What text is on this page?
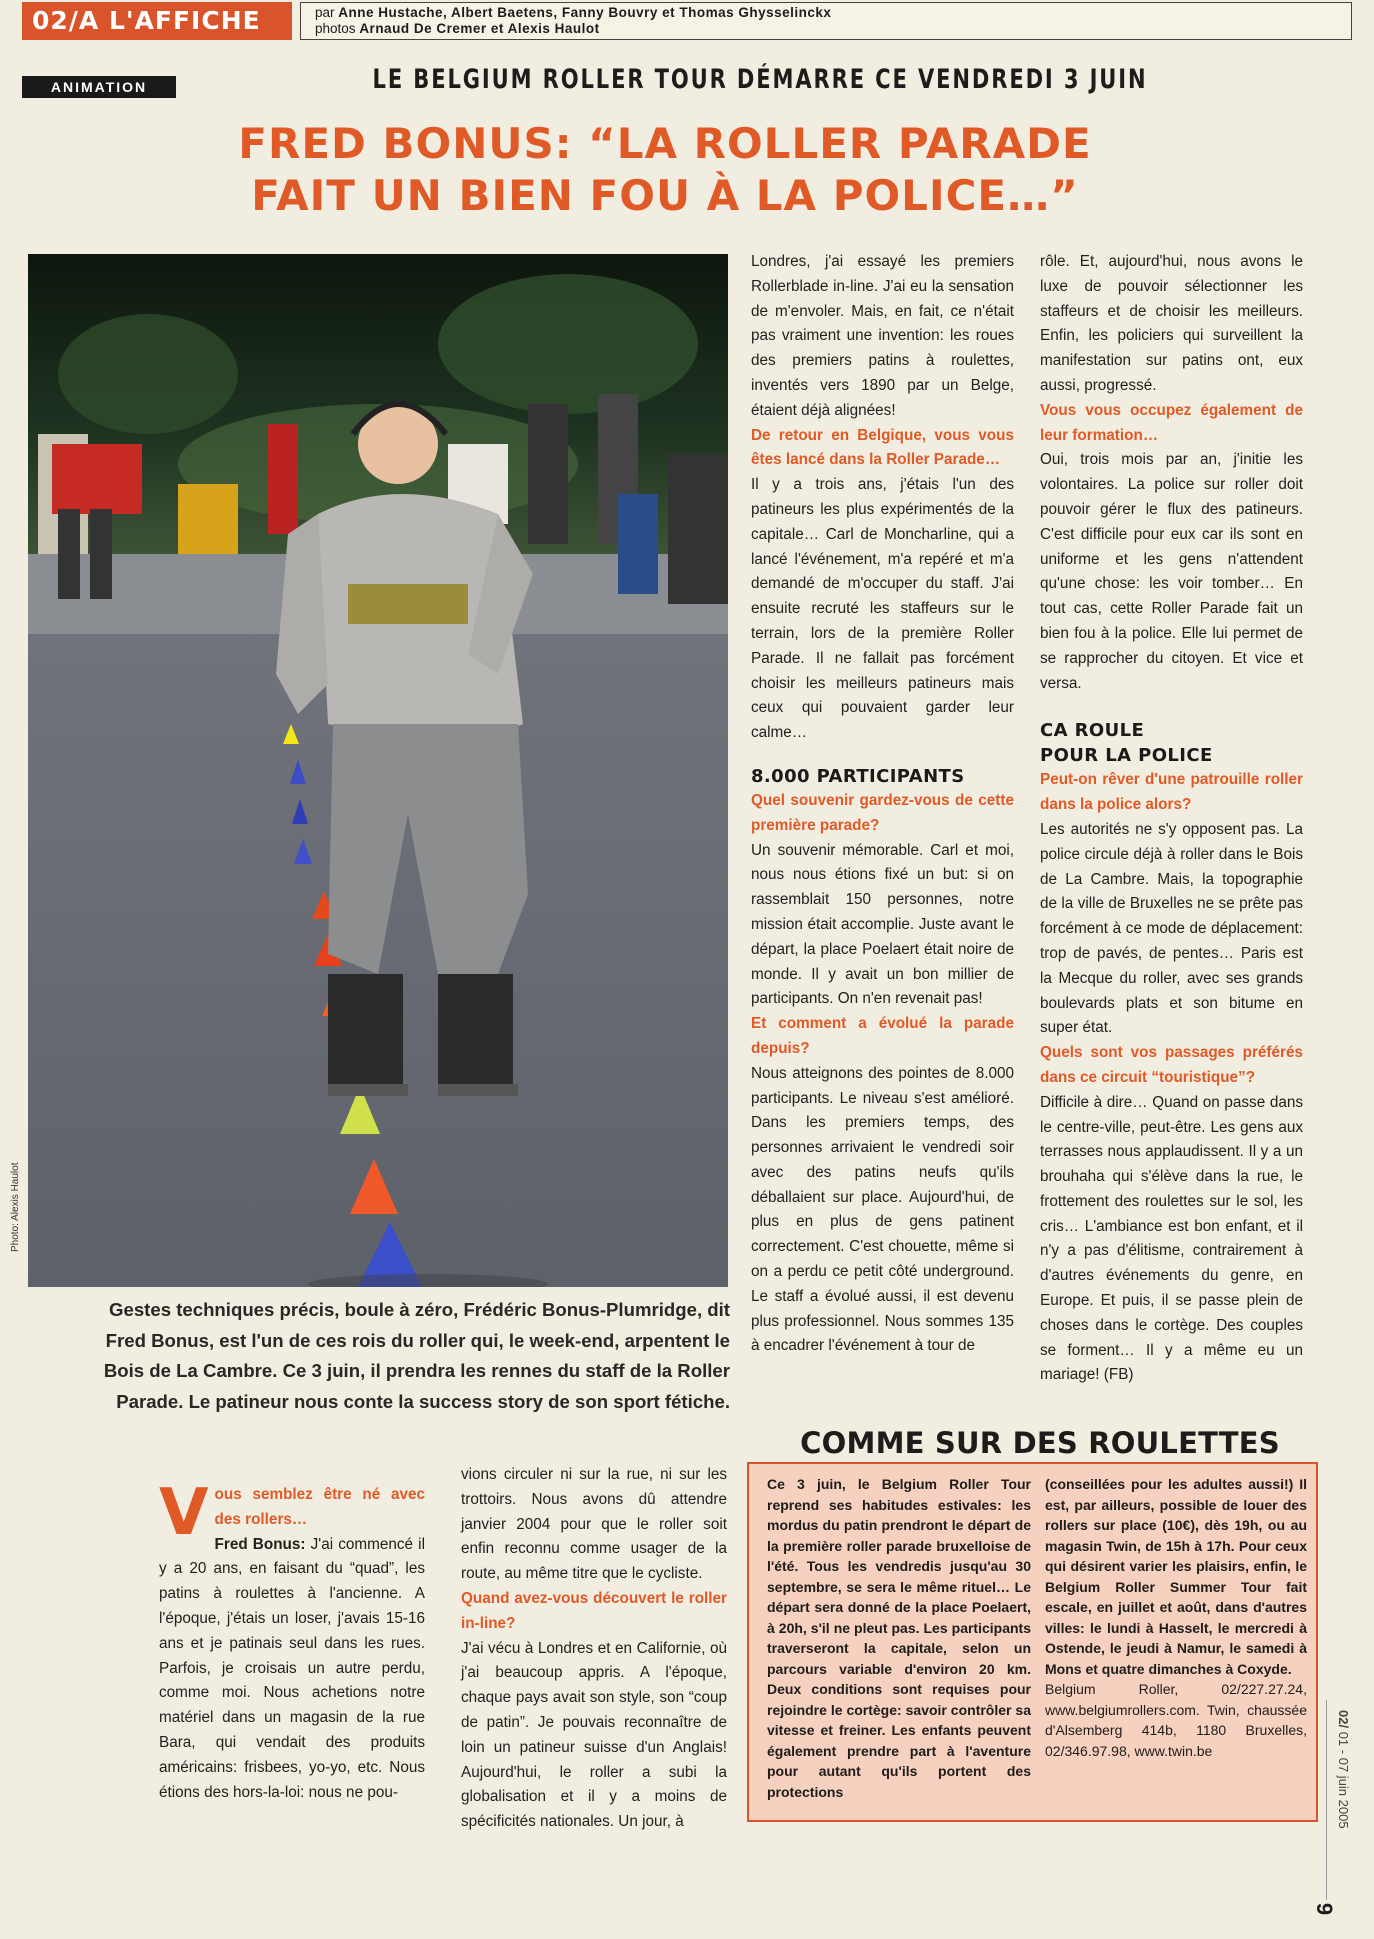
02/A L'AFFICHE	par Anne Hustache, Albert Baetens, Fanny Bouvry et Thomas Ghysselinckx
photos Arnaud De Cremer et Alexis Haulot
ANIMATION	LE BELGIUM ROLLER TOUR DÉMARRE CE VENDREDI 3 JUIN
FRED BONUS: “LA ROLLER PARADE
FAIT UN BIEN FOU À LA POLICE…”
Photo: Alexis Haulot
Gestes techniques précis, boule à zéro, Frédéric Bonus-Plumridge, dit Fred Bonus, est l'un de ces rois du roller qui, le week-end, arpentent le Bois de La Cambre. Ce 3 juin, il prendra les rennes du staff de la Roller Parade. Le patineur nous conte la success story de son sport fétiche.
V ous semblez être né avec des rollers…

Fred Bonus: J'ai commencé il y a 20 ans, en faisant du “quad”, les patins à roulettes à l'ancienne. A l'époque, j'étais un loser, j'avais 15-16 ans et je patinais seul dans les rues. Parfois, je croisais un autre perdu, comme moi. Nous achetions notre matériel dans un magasin de la rue Bara, qui vendait des produits américains: frisbees, yo-yo, etc. Nous étions des hors-la-loi: nous ne pou-

vions circuler ni sur la rue, ni sur les trottoirs. Nous avons dû attendre janvier 2004 pour que le roller soit enfin reconnu comme usager de la route, au même titre que le cycliste.

Quand avez-vous découvert le roller in-line?

J'ai vécu à Londres et en Californie, où j'ai beaucoup appris. A l'époque, chaque pays avait son style, son “coup de patin”. Je pouvais reconnaître de loin un patineur suisse d'un Anglais! Aujourd'hui, le roller a subi la globalisation et il y a moins de spécificités nationales. Un jour, à

Londres, j'ai essayé les premiers Rollerblade in-line. J'ai eu la sensation de m'envoler. Mais, en fait, ce n'était pas vraiment une invention: les roues des premiers patins à roulettes, inventés vers 1890 par un Belge, étaient déjà alignées!

De retour en Belgique, vous vous êtes lancé dans la Roller Parade…

Il y a trois ans, j'étais l'un des patineurs les plus expérimentés de la capitale… Carl de Moncharline, qui a lancé l'événement, m'a repéré et m'a demandé de m'occuper du staff. J'ai ensuite recruté les staffeurs sur le terrain, lors de la première Roller Parade. Il ne fallait pas forcément choisir les meilleurs patineurs mais ceux qui pouvaient garder leur calme…

8.000 PARTICIPANTS

Quel souvenir gardez-vous de cette première parade?

Un souvenir mémorable. Carl et moi, nous nous étions fixé un but: si on rassemblait 150 personnes, notre mission était accomplie. Juste avant le départ, la place Poelaert était noire de monde. Il y avait un bon millier de participants. On n'en revenait pas!

Et comment a évolué la parade depuis?

Nous atteignons des pointes de 8.000 participants. Le niveau s'est amélioré. Dans les premiers temps, des personnes arrivaient le vendredi soir avec des patins neufs qu'ils déballaient sur place. Aujourd'hui, de plus en plus de gens patinent correctement. C'est chouette, même si on a perdu ce petit côté underground. Le staff a évolué aussi, il est devenu plus professionnel. Nous sommes 135 à encadrer l'événement à tour de

rôle. Et, aujourd'hui, nous avons le luxe de pouvoir sélectionner les staffeurs et de choisir les meilleurs. Enfin, les policiers qui surveillent la manifestation sur patins ont, eux aussi, progressé.

Vous vous occupez également de leur formation…

Oui, trois mois par an, j'initie les volontaires. La police sur roller doit pouvoir gérer le flux des patineurs. C'est difficile pour eux car ils sont en uniforme et les gens n'attendent qu'une chose: les voir tomber… En tout cas, cette Roller Parade fait un bien fou à la police. Elle lui permet de se rapprocher du citoyen. Et vice et versa.

CA ROULE
POUR LA POLICE

Peut-on rêver d'une patrouille roller dans la police alors?

Les autorités ne s'y opposent pas. La police circule déjà à roller dans le Bois de La Cambre. Mais, la topographie de la ville de Bruxelles ne se prête pas forcément à ce mode de déplacement: trop de pavés, de pentes… Paris est la Mecque du roller, avec ses grands boulevards plats et son bitume en super état.

Quels sont vos passages préférés dans ce circuit “touristique”?

Difficile à dire… Quand on passe dans le centre-ville, peut-être. Les gens aux terrasses nous applaudissent. Il y a un brouhaha qui s'élève dans la rue, le frottement des roulettes sur le sol, les cris… L'ambiance est bon enfant, et il n'y a pas d'élitisme, contrairement à d'autres événements du genre, en Europe. Et puis, il se passe plein de choses dans le cortège. Des couples se forment… Il y a même eu un mariage! (FB)

COMME SUR DES ROULETTES
Ce 3 juin, le Belgium Roller Tour reprend ses habitudes estivales: les mordus du patin prendront le départ de la première roller parade bruxelloise de l'été. Tous les vendredis jusqu'au 30 septembre, se sera le même rituel… Le départ sera donné de la place Poelaert, à 20h, s'il ne pleut pas. Les participants traverseront la capitale, selon un parcours variable d'environ 20 km. Deux conditions sont requises pour rejoindre le cortège: savoir contrôler sa vitesse et freiner. Les enfants peuvent également prendre part à l'aventure pour autant qu'ils portent des protections
(conseillées pour les adultes aussi!) Il est, par ailleurs, possible de louer des rollers sur place (10€), dès 19h, ou au magasin Twin, de 15h à 17h. Pour ceux qui désirent varier les plaisirs, enfin, le Belgium Roller Summer Tour fait escale, en juillet et août, dans d'autres villes: le lundi à Hasselt, le mercredi à Ostende, le jeudi à Namur, le samedi à Mons et quatre dimanches à Coxyde.
Belgium Roller, 02/227.27.24, www.belgiumrollers.com. Twin, chaussée d'Alsemberg 414b, 1180 Bruxelles, 02/346.97.98, www.twin.be
02/ 01 - 07 juin 2005
9
